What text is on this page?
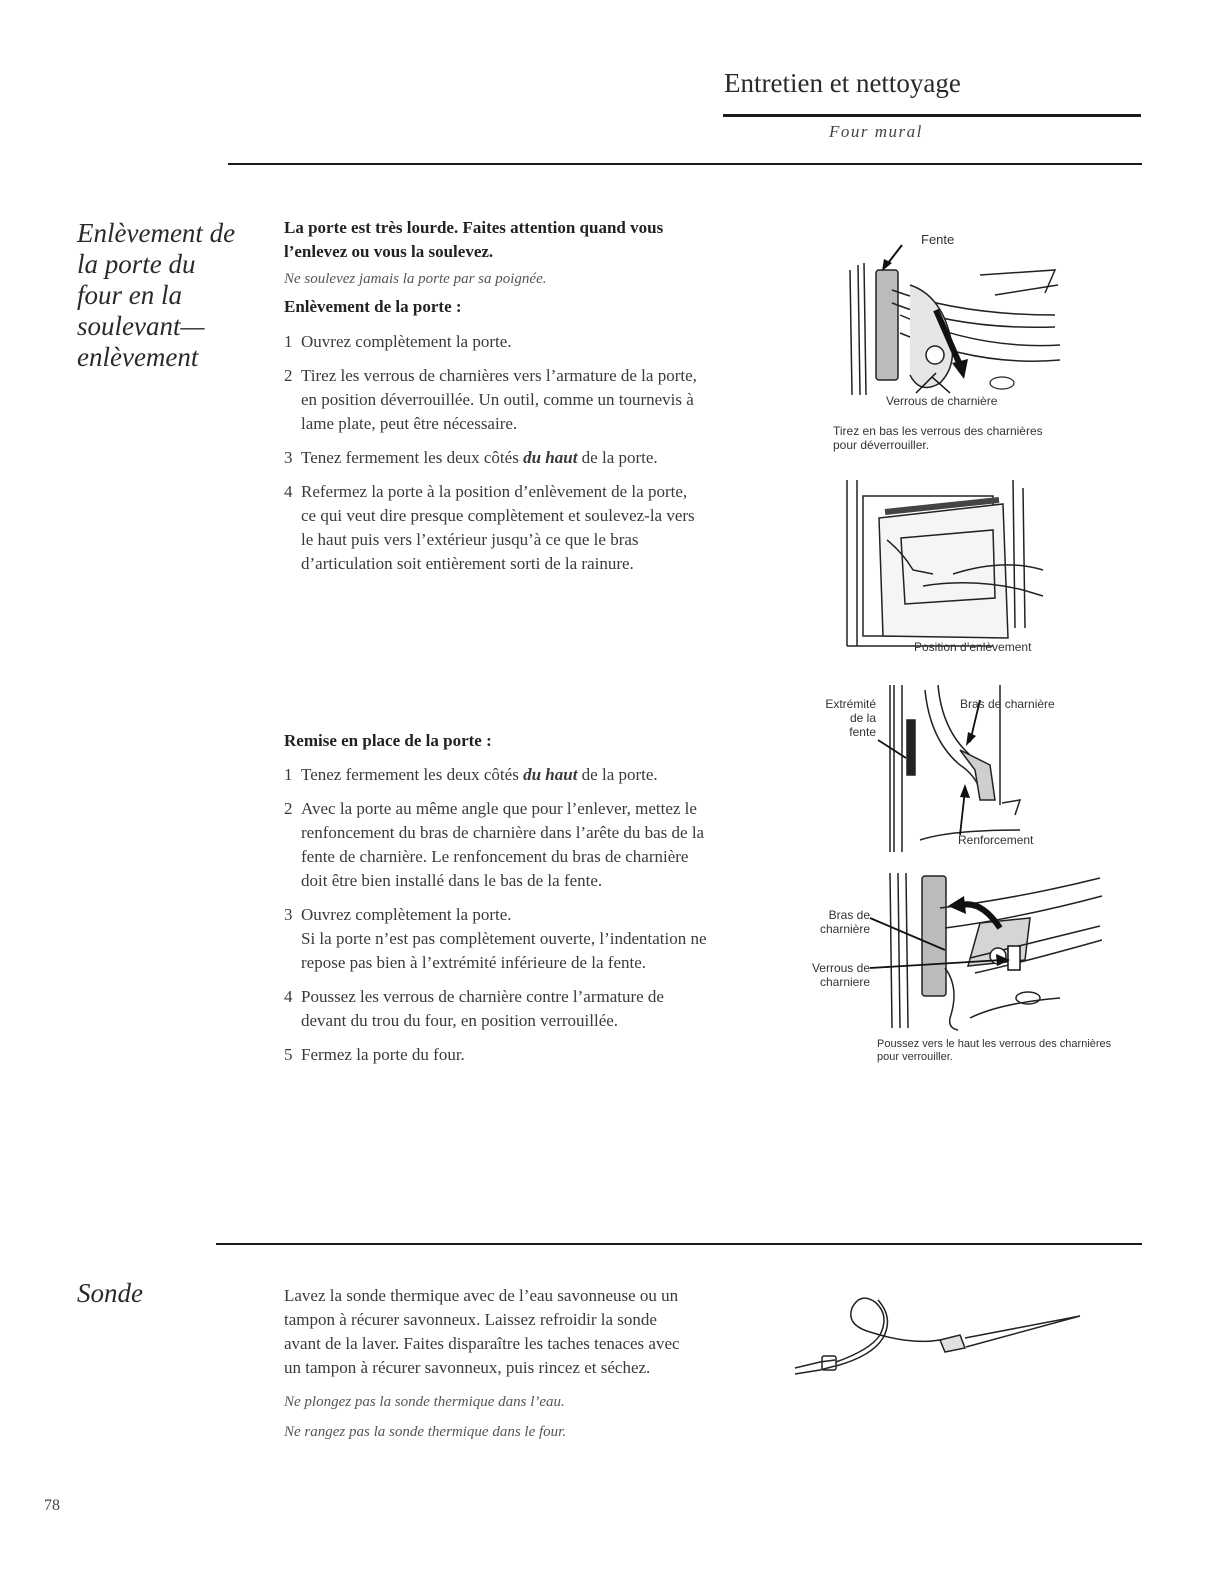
Entretien et nettoyage
Four mural
Enlèvement de
la porte du
four en la
soulevant—
enlèvement

La porte est très lourde. Faites attention quand vous l’enlevez ou vous la soulevez.

Ne soulevez jamais la porte par sa poignée.

Enlèvement de la porte :

1 Ouvrez complètement la porte.

2 Tirez les verrous de charnières vers l’armature de la porte, en position déverrouillée. Un outil, comme un tournevis à lame plate, peut être nécessaire.

3 Tenez fermement les deux côtés du haut de la porte.

4 Refermez la porte à la position d’enlèvement de la porte, ce qui veut dire presque complètement et soulevez-la vers le haut puis vers l’extérieur jusqu’à ce que le bras d’articulation soit entièrement sorti de la rainure.

Remise en place de la porte :

1 Tenez fermement les deux côtés du haut de la porte.

2 Avec la porte au même angle que pour l’enlever, mettez le renfoncement du bras de charnière dans l’arête du bas de la fente de charnière. Le renfoncement du bras de charnière doit être bien installé dans le bas de la fente.

3 Ouvrez complètement la porte.
Si la porte n’est pas complètement ouverte, l’indentation ne repose pas bien à l’extrémité inférieure de la fente.

4 Poussez les verrous de charnière contre l’armature de devant du trou du four, en position verrouillée.

5 Fermez la porte du four.

Fente
Verrous de charnière
Tirez en bas les verrous des charnières
pour déverrouiller.
Position d’enlèvement
Extrémité
de la
fente
Bras de charnière
Renforcement
Bras de
charnière
Verrous de
charniere
Poussez vers le haut les verrous des charnières
pour verrouiller.
Sonde	Lavez la sonde thermique avec de l’eau savonneuse ou un tampon à récurer savonneux. Laissez refroidir la sonde avant de la laver. Faites disparaître les taches tenaces avec un tampon à récurer savonneux, puis rincez et séchez.

Ne plongez pas la sonde thermique dans l’eau.

Ne rangez pas la sonde thermique dans le four.

78
